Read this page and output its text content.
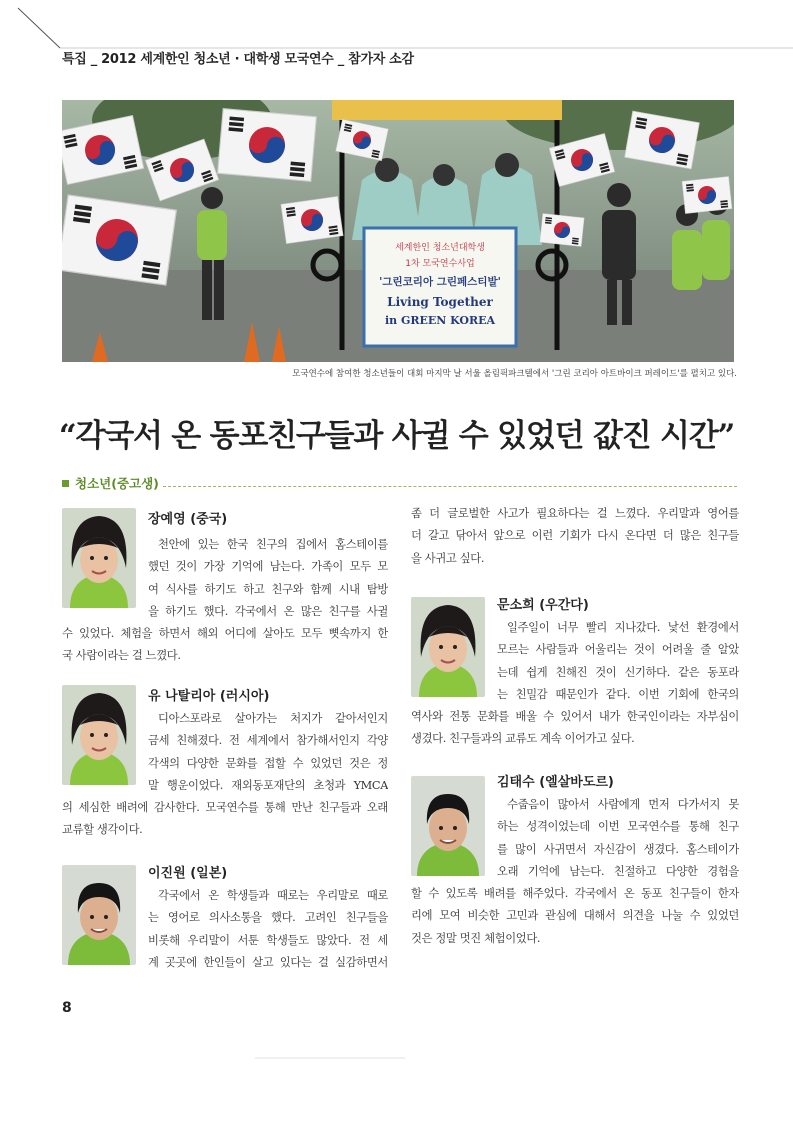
특집 _ 2012 세계한인 청소년 · 대학생 모국연수 _ 참가자 소감
세계한인 청소년대학생
1차 모국연수사업
'그린코리아 그린페스티발'
Living Together
in GREEN KOREA
모국연수에 참여한 청소년들이 대회 마지막 날 서울 올림픽파크텔에서 '그린 코리아 아트바이크 퍼레이드'를 펼치고 있다.
“각국서 온 동포친구들과 사귈 수 있었던 값진 시간”
청소년(중고생)
장예영 (중국)
천안에 있는 한국 친구의 집에서 홈스테이를
했던 것이 가장 기억에 남는다. 가족이 모두 모
여 식사를 하기도 하고 친구와 함께 시내 탐방
을 하기도 했다. 각국에서 온 많은 친구를 사귈
수 있었다. 체험을 하면서 해외 어디에 살아도 모두 뼛속까지 한
국 사람이라는 걸 느꼈다.
유 나탈리아 (러시아)
디아스포라로 살아가는 처지가 같아서인지
금세 친해졌다. 전 세계에서 참가해서인지 각양
각색의 다양한 문화를 접할 수 있었던 것은 정
말 행운이었다. 재외동포재단의 초청과 YMCA
의 세심한 배려에 감사한다. 모국연수를 통해 만난 친구들과 오래
교류할 생각이다.
이진원 (일본)
각국에서 온 학생들과 때로는 우리말로 때로
는 영어로 의사소통을 했다. 고려인 친구들을
비롯해 우리말이 서툰 학생들도 많았다. 전 세
계 곳곳에 한인들이 살고 있다는 걸 실감하면서
좀 더 글로벌한 사고가 필요하다는 걸 느꼈다. 우리말과 영어를
더 갈고 닦아서 앞으로 이런 기회가 다시 온다면 더 많은 친구들
을 사귀고 싶다.
문소희 (우간다)
일주일이 너무 빨리 지나갔다. 낯선 환경에서
모르는 사람들과 어울리는 것이 어려울 줄 알았
는데 쉽게 친해진 것이 신기하다. 같은 동포라
는 친밀감 때문인가 같다. 이번 기회에 한국의
역사와 전통 문화를 배울 수 있어서 내가 한국인이라는 자부심이
생겼다. 친구들과의 교류도 계속 이어가고 싶다.
김태수 (엘살바도르)
수줍음이 많아서 사람에게 먼저 다가서지 못
하는 성격이었는데 이번 모국연수를 통해 친구
를 많이 사귀면서 자신감이 생겼다. 홈스테이가
오래 기억에 남는다. 친절하고 다양한 경험을
할 수 있도록 배려를 해주었다. 각국에서 온 동포 친구들이 한자
리에 모여 비슷한 고민과 관심에 대해서 의견을 나눌 수 있었던
것은 정말 멋진 체험이었다.
8
